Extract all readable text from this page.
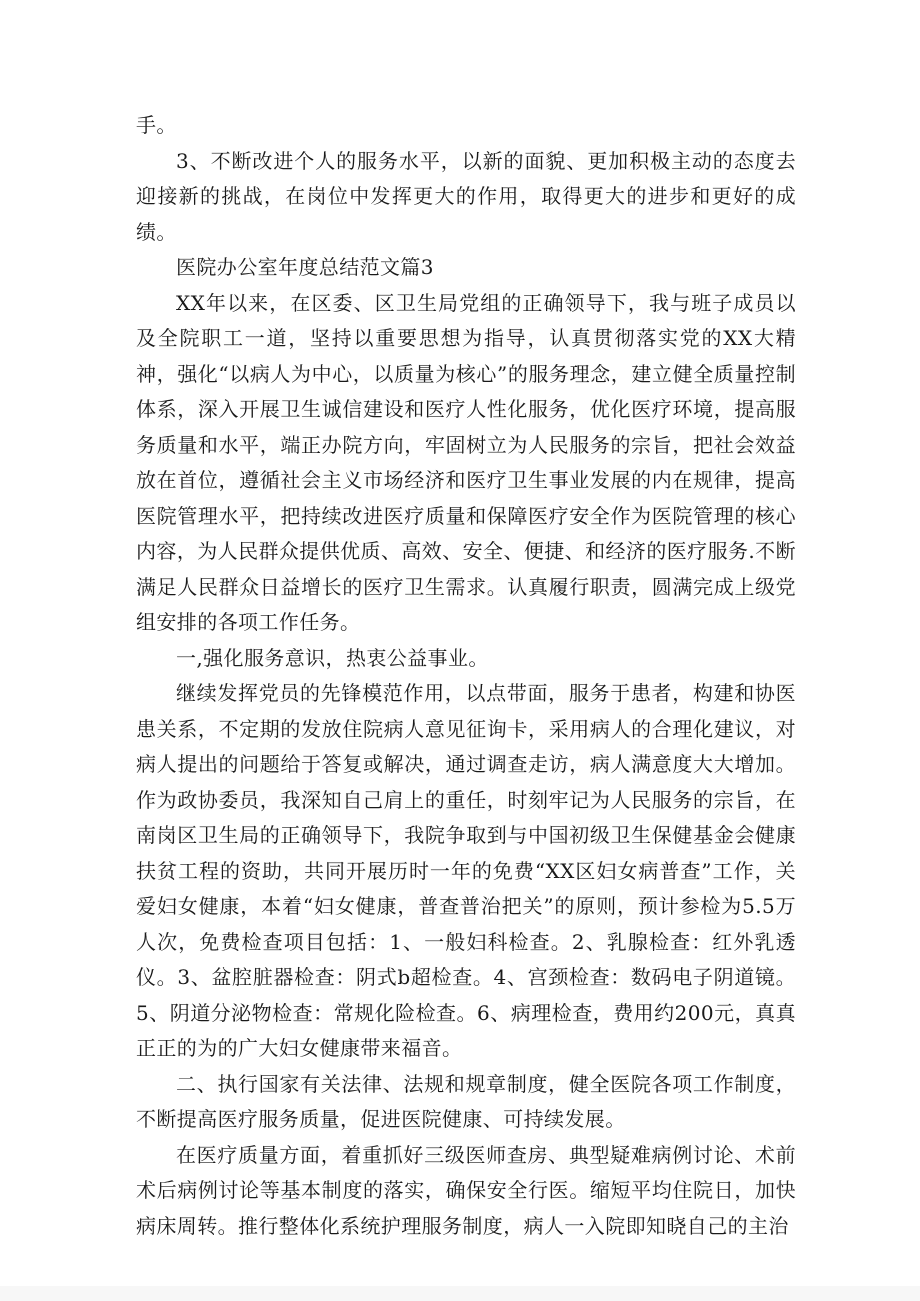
手。

3、不断改进个人的服务水平，以新的面貌、更加积极主动的态度去迎接新的挑战，在岗位中发挥更大的作用，取得更大的进步和更好的成绩。

医院办公室年度总结范文篇3

XX年以来，在区委、区卫生局党组的正确领导下，我与班子成员以及全院职工一道，坚持以重要思想为指导，认真贯彻落实党的XX大精神，强化“以病人为中心，以质量为核心”的服务理念，建立健全质量控制体系，深入开展卫生诚信建设和医疗人性化服务，优化医疗环境，提高服务质量和水平，端正办院方向，牢固树立为人民服务的宗旨，把社会效益放在首位，遵循社会主义市场经济和医疗卫生事业发展的内在规律，提高医院管理水平，把持续改进医疗质量和保障医疗安全作为医院管理的核心内容，为人民群众提供优质、高效、安全、便捷、和经济的医疗服务.不断满足人民群众日益增长的医疗卫生需求。认真履行职责，圆满完成上级党组安排的各项工作任务。

一,强化服务意识，热衷公益事业。

继续发挥党员的先锋模范作用，以点带面，服务于患者，构建和协医患关系，不定期的发放住院病人意见征询卡，采用病人的合理化建议，对病人提出的问题给于答复或解决，通过调查走访，病人满意度大大增加。作为政协委员，我深知自己肩上的重任，时刻牢记为人民服务的宗旨，在南岗区卫生局的正确领导下，我院争取到与中国初级卫生保健基金会健康扶贫工程的资助，共同开展历时一年的免费“XX区妇女病普查”工作，关爱妇女健康，本着“妇女健康，普查普治把关”的原则，预计参检为5.5万人次，免费检查项目包括：1、一般妇科检查。2、乳腺检查：红外乳透仪。3、盆腔脏器检查：阴式b超检查。4、宫颈检查：数码电子阴道镜。5、阴道分泌物检查：常规化险检查。6、病理检查，费用约200元，真真正正的为的广大妇女健康带来福音。

二、执行国家有关法律、法规和规章制度，健全医院各项工作制度，不断提高医疗服务质量，促进医院健康、可持续发展。

在医疗质量方面，着重抓好三级医师查房、典型疑难病例讨论、术前术后病例讨论等基本制度的落实，确保安全行医。缩短平均住院日，加快病床周转。推行整体化系统护理服务制度，病人一入院即知晓自己的主治
